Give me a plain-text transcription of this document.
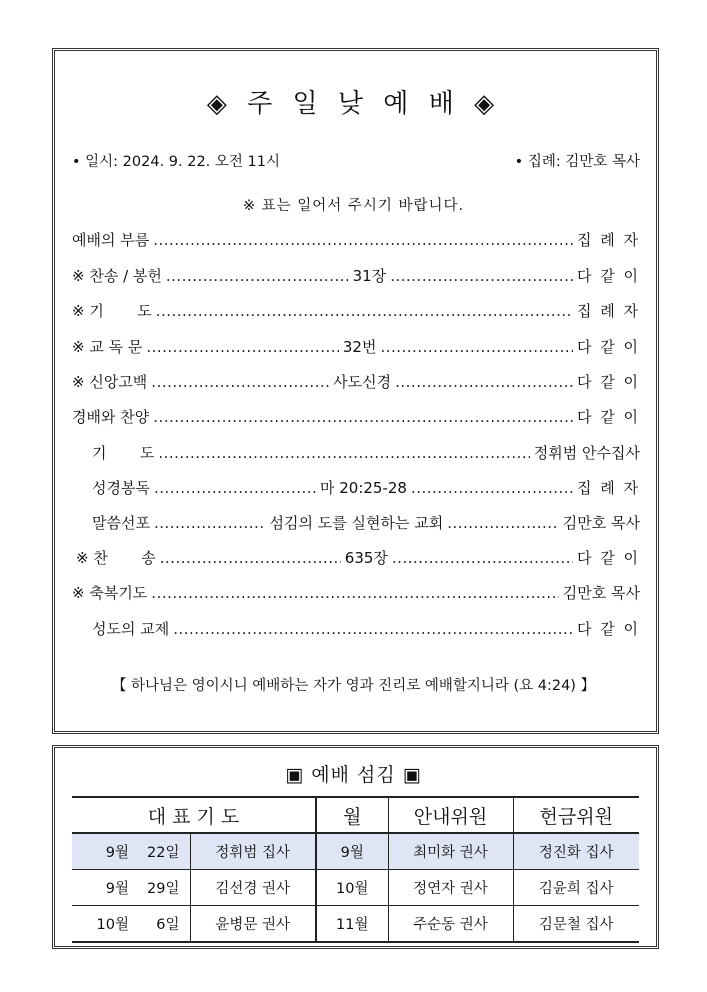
◈ 주 일 낮 예 배 ◈
• 일시: 2024. 9. 22. 오전 11시	• 집례: 김만호 목사
※ 표는 일어서 주시기 바랍니다.
예배의 부름 .....	집 례 자
※ 찬송 / 봉헌 .....	31장 .....	다 같 이
※ 기       도 .....	집 례 자
※ 교 독 문 .....	32번 .....	다 같 이
※ 신앙고백 .....	사도신경 .....	다 같 이
경배와 찬양 .....	다 같 이
기       도 .....	정휘범 안수집사
성경봉독 .....	마 20:25-28 .....	집 례 자
말씀선포 .....	섬김의 도를 실현하는 교회 .....	김만호 목사
※ 찬       송 .....	635장 .....	다 같 이
※ 축복기도 .....	김만호 목사
성도의 교제 .....	다 같 이
【 하나님은 영이시니 예배하는 자가 영과 진리로 예배할지니라 (요 4:24) 】
▣ 예배 섬김 ▣
대 표 기 도			월	안내위원	헌금위원
9월	22일	정휘범 집사	9월	최미화 권사	정진화 집사
9월	29일	김선경 권사	10월	정연자 권사	김윤희 집사
10월	6일	윤병문 권사	11월	주순동 권사	김문철 집사
